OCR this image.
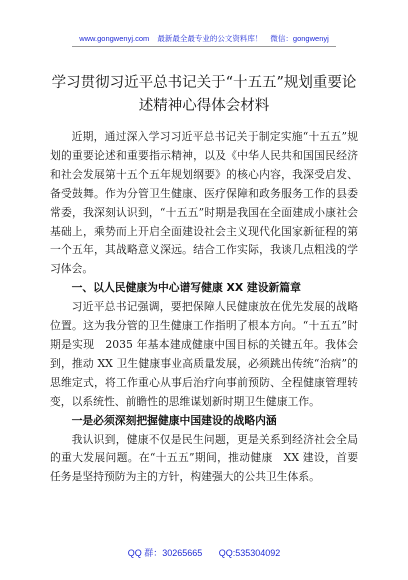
www.gongwenyj.com 最新最全最专业的公文资料库！ 微信：gongwenyj
学习贯彻习近平总书记关于“十五五”规划重要论述精神心得体会材料

近期，通过深入学习习近平总书记关于制定实施“十五五”规划的重要论述和重要指示精神，以及《中华人民共和国国民经济和社会发展第十五个五年规划纲要》的核心内容，我深受启发、备受鼓舞。作为分管卫生健康、医疗保障和政务服务工作的县委常委，我深刻认识到，“十五五”时期是我国在全面建成小康社会基础上，乘势而上开启全面建设社会主义现代化国家新征程的第一个五年，其战略意义深远。结合工作实际，我谈几点粗浅的学习体会。

一、以人民健康为中心谱写健康 XX 建设新篇章

习近平总书记强调，要把保障人民健康放在优先发展的战略位置。这为我分管的卫生健康工作指明了根本方向。“十五五”时期是实现　2035 年基本建成健康中国目标的关键五年。我体会到，推动 XX 卫生健康事业高质量发展，必须跳出传统“治病”的思维定式，将工作重心从事后治疗向事前预防、全程健康管理转变，以系统性、前瞻性的思维谋划新时期卫生健康工作。

一是必须深刻把握健康中国建设的战略内涵

我认识到，健康不仅是民生问题，更是关系到经济社会全局的重大发展问题。在“十五五”期间，推动健康　XX 建设，首要任务是坚持预防为主的方针，构建强大的公共卫生体系。

QQ 群：30265665 QQ:535304092
